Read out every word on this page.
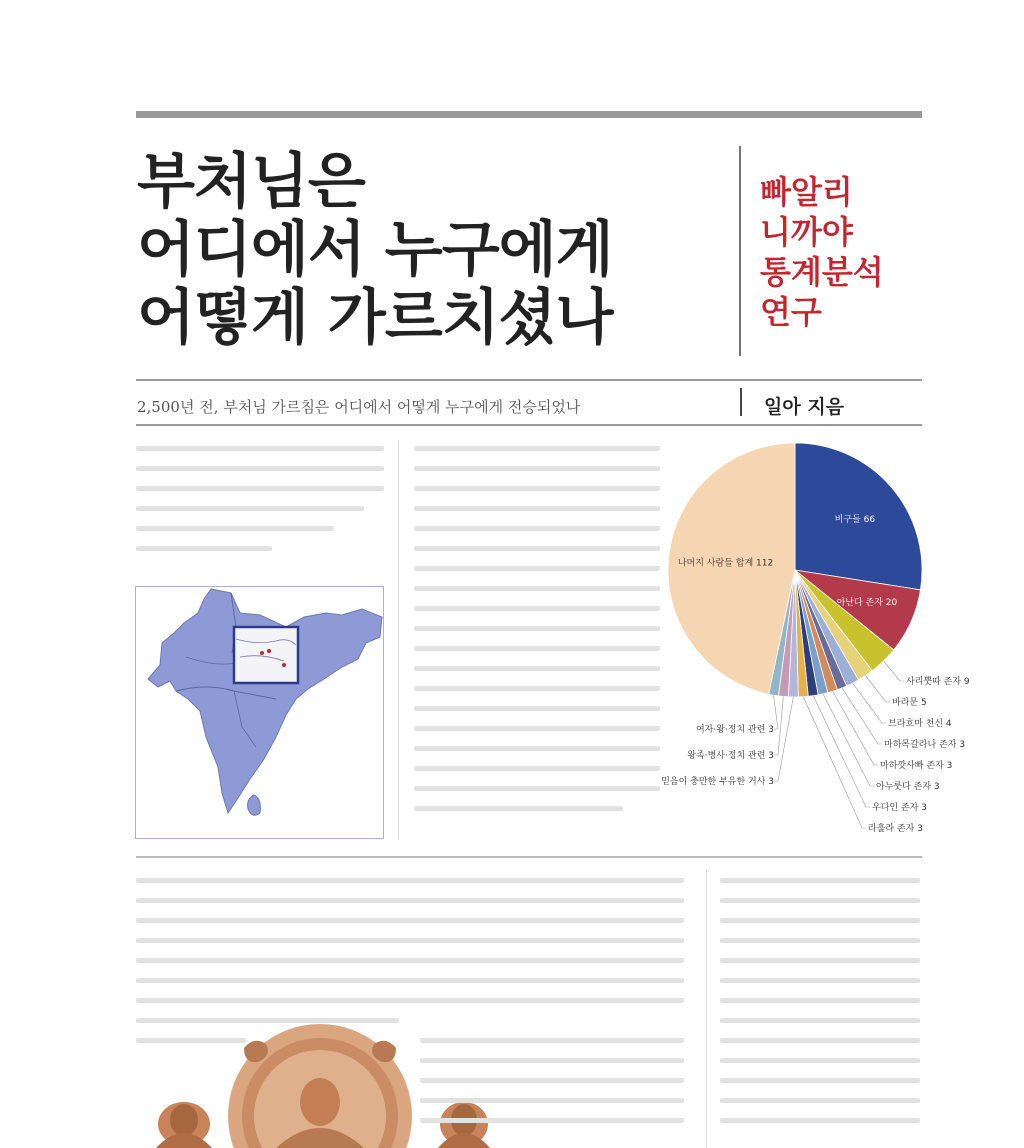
부처님은
어디에서 누구에게
어떻게 가르치셨나
빠알리
니까야
통계분석
연구
2,500년 전, 부처님 가르침은 어디에서 어떻게 누구에게 전승되었나	일아 지음
비구들 66
아난다 존자 20
나머지 사람들 합계 112
사리뿟따 존자 9
바라문 5
브라흐마 천신 4
마하목갈라나 존자 3
마하깟사빠 존자 3
아누룻다 존자 3
우다인 존자 3
라훌라 존자 3
여자·왕·정치 관련 3
왕족·병사·정치 관련 3
믿음이 충만한 부유한 거사 3
